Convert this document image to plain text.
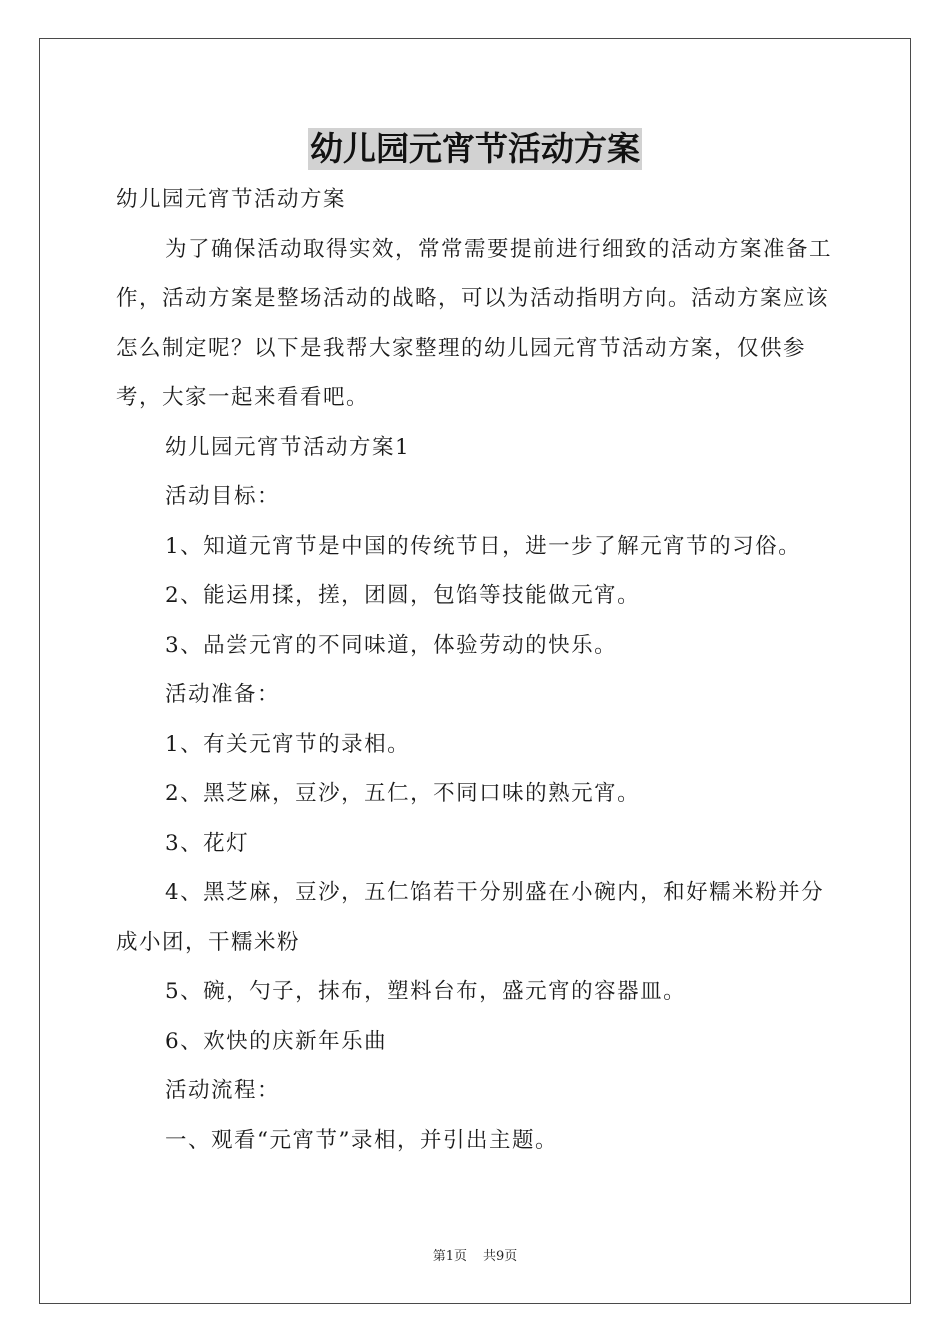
幼儿园元宵节活动方案

幼儿园元宵节活动方案

为了确保活动取得实效，常常需要提前进行细致的活动方案准备工作，活动方案是整场活动的战略，可以为活动指明方向。活动方案应该怎么制定呢？以下是我帮大家整理的幼儿园元宵节活动方案，仅供参考，大家一起来看看吧。

幼儿园元宵节活动方案1

活动目标：

1、知道元宵节是中国的传统节日，进一步了解元宵节的习俗。

2、能运用揉，搓，团圆，包馅等技能做元宵。

3、品尝元宵的不同味道，体验劳动的快乐。

活动准备：

1、有关元宵节的录相。

2、黑芝麻，豆沙，五仁，不同口味的熟元宵。

3、花灯

4、黑芝麻，豆沙，五仁馅若干分别盛在小碗内，和好糯米粉并分成小团，干糯米粉

5、碗，勺子，抹布，塑料台布，盛元宵的容器皿。

6、欢快的庆新年乐曲

活动流程：

一、观看“元宵节”录相，并引出主题。

第1页 共9页
